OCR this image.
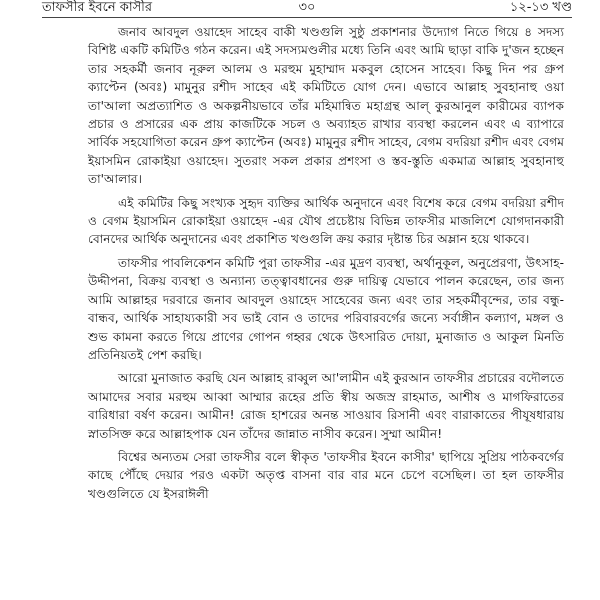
তাফসীর ইবনে কাসীর	৩০	১২-১৩ খণ্ড

জনাব আবদুল ওয়াহেদ সাহেব বাকী খণ্ডগুলি সুষ্ঠু প্রকাশনার উদ্যোগ নিতে গিয়ে ৪ সদস্য বিশিষ্ট একটি কমিটিও গঠন করেন। এই সদস্যমণ্ডলীর মধ্যে তিনি এবং আমি ছাড়া বাকি দু'জন হচ্ছেন তার সহকর্মী জনাব নূরুল আলম ও মরহুম মুহাম্মাদ মকবুল হোসেন সাহেব। কিছু দিন পর গ্রুপ ক্যাপ্টেন (অবঃ) মামুনুর রশীদ সাহেব এই কমিটিতে যোগ দেন। এভাবে আল্লাহ সুবহানাহু ওয়া তা'আলা অপ্রত্যাশিত ও অকল্পনীয়ভাবে তাঁর মহিমান্বিত মহাগ্রন্থ আল্ কুরআনুল কারীমের ব্যাপক প্রচার ও প্রসারের এক প্রায় কাজটিকে সচল ও অব্যাহত রাখার ব্যবস্থা করলেন এবং এ ব্যাপারে সার্বিক সহযোগিতা করেন গ্রুপ ক্যাপ্টেন (অবঃ) মামুনুর রশীদ সাহেব, বেগম বদরিয়া রশীদ এবং বেগম ইয়াসমিন রোকাইয়া ওয়াহেদ। সুতরাং সকল প্রকার প্রশংসা ও স্তব-স্তুতি একমাত্র আল্লাহ সুবহানাহু তা'আলার।

এই কমিটির কিছু সংখ্যক সুহৃদ ব্যক্তির আর্থিক অনুদানে এবং বিশেষ করে বেগম বদরিয়া রশীদ ও বেগম ইয়াসমিন রোকাইয়া ওয়াহেদ -এর যৌথ প্রচেষ্টায় বিভিন্ন তাফসীর মাজলিশে যোগদানকারী বোনদের আর্থিক অনুদানের এবং প্রকাশিত খণ্ডগুলি ক্রয় করার দৃষ্টান্ত চির অম্লান হয়ে থাকবে।

তাফসীর পাবলিকেশন কমিটি পুরা তাফসীর -এর মুদ্রণ ব্যবস্থা, অর্থানুকূল, অনুপ্রেরণা, উৎসাহ-উদ্দীপনা, বিক্রয় ব্যবস্থা ও অন্যান্য তত্ত্বাবধানের গুরু দায়িত্ব যেভাবে পালন করেছেন, তার জন্য আমি আল্লাহর দরবারে জনাব আবদুল ওয়াহেদ সাহেবের জন্য এবং তার সহকর্মীবৃন্দের, তার বন্ধু-বান্ধব, আর্থিক সাহায্যকারী সব ভাই বোন ও তাদের পরিবারবর্গের জন্যে সর্বাঙ্গীন কল্যাণ, মঙ্গল ও শুভ কামনা করতে গিয়ে প্রাণের গোপন গহ্বর থেকে উৎসারিত দোয়া, মুনাজাত ও আকুল মিনতি প্রতিনিয়তই পেশ করছি।

আরো মুনাজাত করছি যেন আল্লাহ রাব্বুল আ'লামীন এই কুরআন তাফসীর প্রচারের বদৌলতে আমাদের সবার মরহুম আব্বা আম্মার রূহের প্রতি স্বীয় অজস্র রাহমাত, আশীষ ও মাগফিরাতের বারিধারা বর্ষণ করেন। আমীন! রোজ হাশরের অনন্ত সাওয়াব রিসানী এবং বারাকাতের পীযূষধারায় স্নাতসিক্ত করে আল্লাহপাক যেন তাঁদের জান্নাত নাসীব করেন। সুম্মা আমীন!

বিশ্বের অন্যতম সেরা তাফসীর বলে স্বীকৃত 'তাফসীর ইবনে কাসীর' ছাপিয়ে সুপ্রিয় পাঠকবর্গের কাছে পৌঁছে দেয়ার পরও একটা অতৃপ্ত বাসনা বার বার মনে চেপে বসেছিল। তা হল তাফসীর খণ্ডগুলিতে যে ইসরাঈলী
